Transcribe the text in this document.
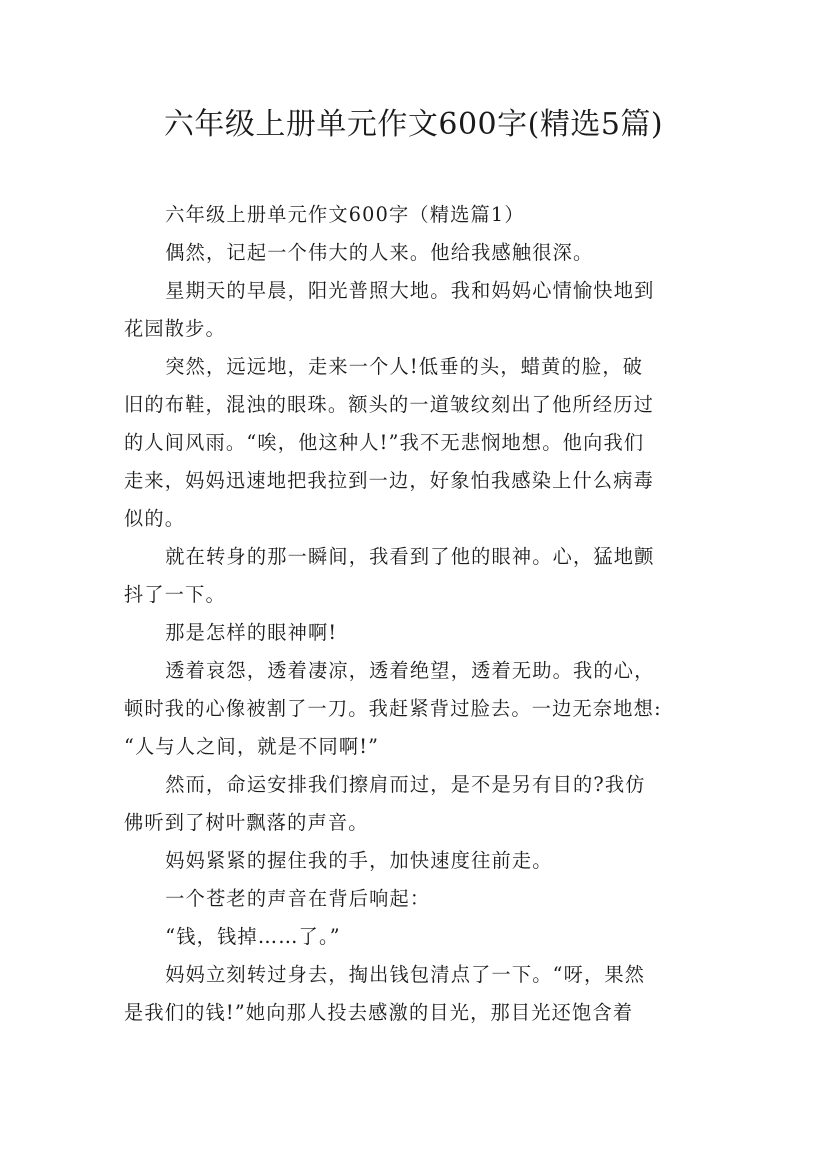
六年级上册单元作文600字(精选5篇)

六年级上册单元作文600字（精选篇1）

偶然，记起一个伟大的人来。他给我感触很深。

星期天的早晨，阳光普照大地。我和妈妈心情愉快地到
花园散步。

突然，远远地，走来一个人!低垂的头，蜡黄的脸，破
旧的布鞋，混浊的眼珠。额头的一道皱纹刻出了他所经历过
的人间风雨。“唉，他这种人!”我不无悲悯地想。他向我们
走来，妈妈迅速地把我拉到一边，好象怕我感染上什么病毒
似的。

就在转身的那一瞬间，我看到了他的眼神。心，猛地颤
抖了一下。

那是怎样的眼神啊!

透着哀怨，透着凄凉，透着绝望，透着无助。我的心，
顿时我的心像被割了一刀。我赶紧背过脸去。一边无奈地想:
“人与人之间，就是不同啊!”

然而，命运安排我们擦肩而过，是不是另有目的?我仿
佛听到了树叶飘落的声音。

妈妈紧紧的握住我的手，加快速度往前走。

一个苍老的声音在背后响起：

“钱，钱掉……了。”

妈妈立刻转过身去，掏出钱包清点了一下。“呀，果然
是我们的钱!”她向那人投去感激的目光，那目光还饱含着
